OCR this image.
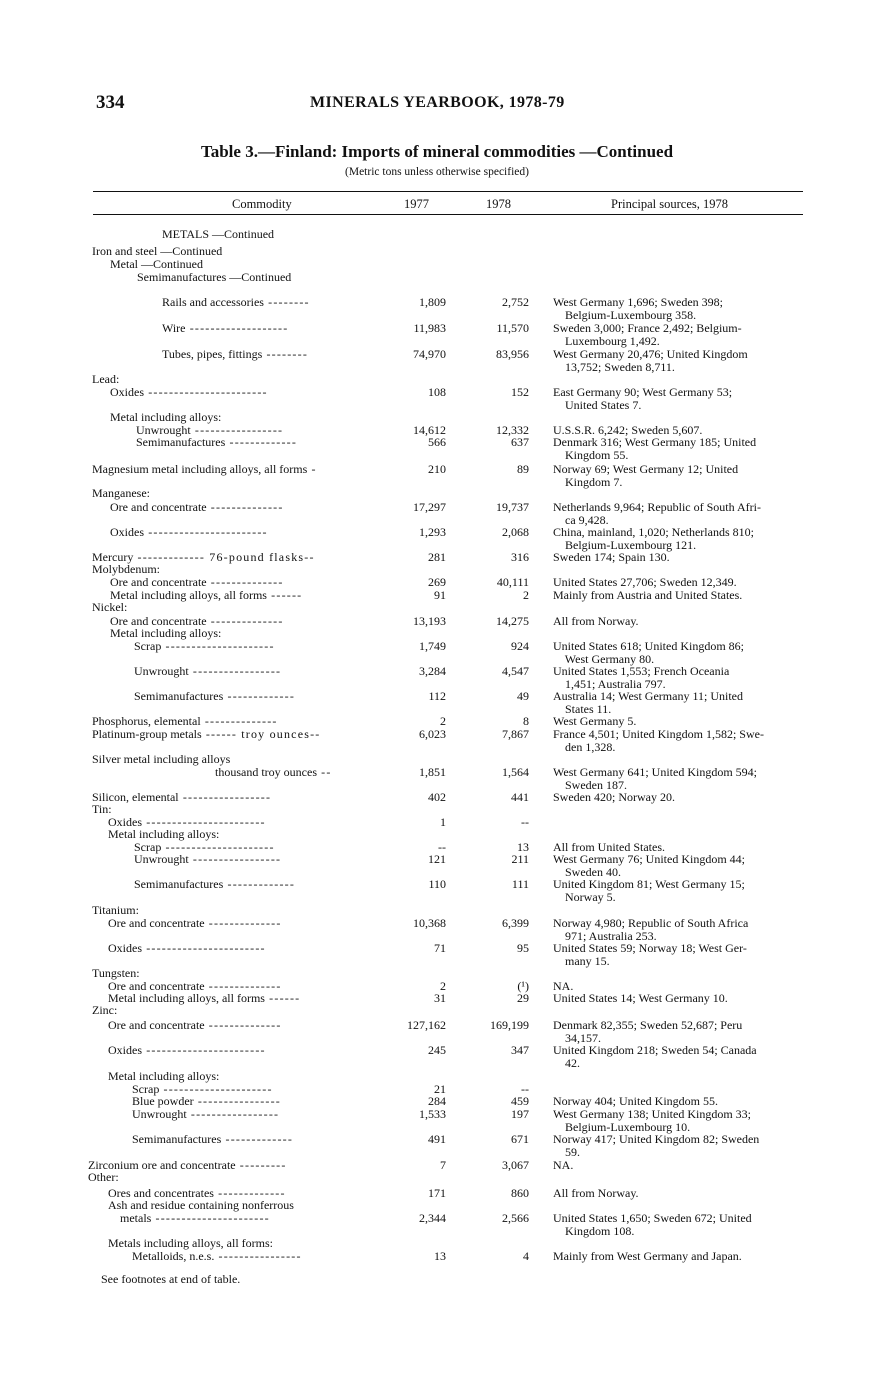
334	MINERALS YEARBOOK, 1978-79
Table 3.—Finland: Imports of mineral commodities —Continued
(Metric tons unless otherwise specified)
Commodity	1977	1978	Principal sources, 1978
METALS —Continued
Iron and steel —Continued
Metal —Continued
Semimanufactures —Continued
Rails and accessories --------	1,809	2,752 West Germany 1,696; Sweden 398;
Belgium-Luxembourg 358.
Wire -------------------	11,983	11,570 Sweden 3,000; France 2,492; Belgium-
Luxembourg 1,492.
Tubes, pipes, fittings --------	74,970	83,956 West Germany 20,476; United Kingdom
13,752; Sweden 8,711.
Lead:
Oxides -----------------------	108	152 East Germany 90; West Germany 53;
United States 7.
Metal including alloys:
Unwrought -----------------	14,612	12,332 U.S.S.R. 6,242; Sweden 5,607.
Semimanufactures -------------	566	637 Denmark 316; West Germany 185; United
Kingdom 55.
Magnesium metal including alloys, all forms -	210	89 Norway 69; West Germany 12; United
Kingdom 7.
Manganese:
Ore and concentrate --------------	17,297	19,737 Netherlands 9,964; Republic of South Afri-
ca 9,428.
Oxides -----------------------	1,293	2,068 China, mainland, 1,020; Netherlands 810;
Belgium-Luxembourg 121.
Mercury ------------- 76-pound flasks--	281	316 Sweden 174; Spain 130.
Molybdenum:
Ore and concentrate --------------	269	40,111 United States 27,706; Sweden 12,349.
Metal including alloys, all forms ------	91	2 Mainly from Austria and United States.
Nickel:
Ore and concentrate --------------	13,193	14,275 All from Norway.
Metal including alloys:
Scrap ---------------------	1,749	924 United States 618; United Kingdom 86;
West Germany 80.
Unwrought -----------------	3,284	4,547 United States 1,553; French Oceania
1,451; Australia 797.
Semimanufactures -------------	112	49 Australia 14; West Germany 11; United
States 11.
Phosphorus, elemental --------------	2	8 West Germany 5.
Platinum-group metals ------ troy ounces--	6,023	7,867 France 4,501; United Kingdom 1,582; Swe-
den 1,328.
Silver metal including alloys
thousand troy ounces --	1,851	1,564 West Germany 641; United Kingdom 594;
Sweden 187.
Silicon, elemental -----------------	402	441 Sweden 420; Norway 20.
Tin:
Oxides -----------------------	1	--
Metal including alloys:
Scrap ---------------------	--	13 All from United States.
Unwrought -----------------	121	211 West Germany 76; United Kingdom 44;
Sweden 40.
Semimanufactures -------------	110	111 United Kingdom 81; West Germany 15;
Norway 5.
Titanium:
Ore and concentrate --------------	10,368	6,399 Norway 4,980; Republic of South Africa
971; Australia 253.
Oxides -----------------------	71	95 United States 59; Norway 18; West Ger-
many 15.
Tungsten:
Ore and concentrate --------------	2	(¹) NA.
Metal including alloys, all forms ------	31	29 United States 14; West Germany 10.
Zinc:
Ore and concentrate --------------	127,162	169,199 Denmark 82,355; Sweden 52,687; Peru
34,157.
Oxides -----------------------	245	347 United Kingdom 218; Sweden 54; Canada
42.
Metal including alloys:
Scrap ---------------------	21	--
Blue powder ----------------	284	459 Norway 404; United Kingdom 55.
Unwrought -----------------	1,533	197 West Germany 138; United Kingdom 33;
Belgium-Luxembourg 10.
Semimanufactures -------------	491	671 Norway 417; United Kingdom 82; Sweden
59.
Zirconium ore and concentrate ---------	7	3,067 NA.
Other:
Ores and concentrates -------------	171	860 All from Norway.
Ash and residue containing nonferrous
metals ----------------------	2,344	2,566 United States 1,650; Sweden 672; United
Kingdom 108.
Metals including alloys, all forms:
Metalloids, n.e.s. ----------------	13	4 Mainly from West Germany and Japan.
See footnotes at end of table.
